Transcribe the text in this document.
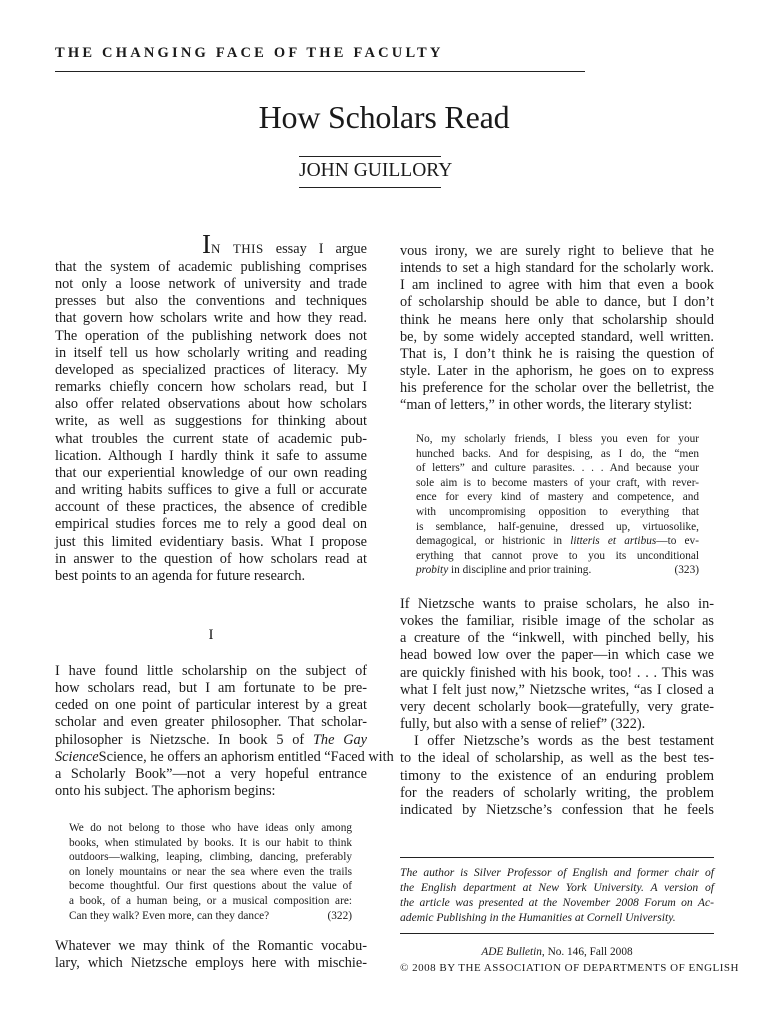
THE CHANGING FACE OF THE FACULTY
How Scholars Read
JOHN GUILLORY
IN THIS essay I argue
that the system of academic publishing comprises
not only a loose network of university and trade
presses but also the conventions and techniques
that govern how scholars write and how they read.
The operation of the publishing network does not
in itself tell us how scholarly writing and reading
developed as specialized practices of literacy. My
remarks chiefly concern how scholars read, but I
also offer related observations about how scholars
write, as well as suggestions for thinking about
what troubles the current state of academic pub-
lication. Although I hardly think it safe to assume
that our experiential knowledge of our own reading
and writing habits suffices to give a full or accurate
account of these practices, the absence of credible
empirical studies forces me to rely a good deal on
just this limited evidentiary basis. What I propose
in answer to the question of how scholars read at
best points to an agenda for future research.
I
I have found little scholarship on the subject of
how scholars read, but I am fortunate to be pre-
ceded on one point of particular interest by a great
scholar and even greater philosopher. That scholar-
philosopher is Nietzsche. In book 5 of The Gay
ScienceScience, he offers an aphorism entitled “Faced with
a Scholarly Book”—not a very hopeful entrance
onto his subject. The aphorism begins:
We do not belong to those who have ideas only among
books, when stimulated by books. It is our habit to think
outdoors—walking, leaping, climbing, dancing, preferably
on lonely mountains or near the sea where even the trails
become thoughtful. Our first questions about the value of
a book, of a human being, or a musical composition are:
Can they walk? Even more, can they dance?	(322)
Whatever we may think of the Romantic vocabu-
lary, which Nietzsche employs here with mischie-
vous irony, we are surely right to believe that he
intends to set a high standard for the scholarly work.
I am inclined to agree with him that even a book
of scholarship should be able to dance, but I don’t
think he means here only that scholarship should
be, by some widely accepted standard, well written.
That is, I don’t think he is raising the question of
style. Later in the aphorism, he goes on to express
his preference for the scholar over the belletrist, the
“man of letters,” in other words, the literary stylist:
No, my scholarly friends, I bless you even for your
hunched backs. And for despising, as I do, the “men
of letters” and culture parasites. . . . And because your
sole aim is to become masters of your craft, with rever-
ence for every kind of mastery and competence, and
with uncompromising opposition to everything that
is semblance, half-genuine, dressed up, virtuosolike,
demagogical, or histrionic in litteris et artibus—to ev-
erything that cannot prove to you its unconditional
probity in discipline and prior training.	(323)
If Nietzsche wants to praise scholars, he also in-
vokes the familiar, risible image of the scholar as
a creature of the “inkwell, with pinched belly, his
head bowed low over the paper—in which case we
are quickly finished with his book, too! . . . This was
what I felt just now,” Nietzsche writes, “as I closed a
very decent scholarly book—gratefully, very grate-
fully, but also with a sense of relief” (322).
I offer Nietzsche’s words as the best testament
to the ideal of scholarship, as well as the best tes-
timony to the existence of an enduring problem
for the readers of scholarly writing, the problem
indicated by Nietzsche’s confession that he feels
The author is Silver Professor of English and former chair of
the English department at New York University. A version of
the article was presented at the November 2008 Forum on Ac-
ademic Publishing in the Humanities at Cornell University.
ADE Bulletin, No. 146, Fall 2008
© 2008 BY THE ASSOCIATION OF DEPARTMENTS OF ENGLISH
